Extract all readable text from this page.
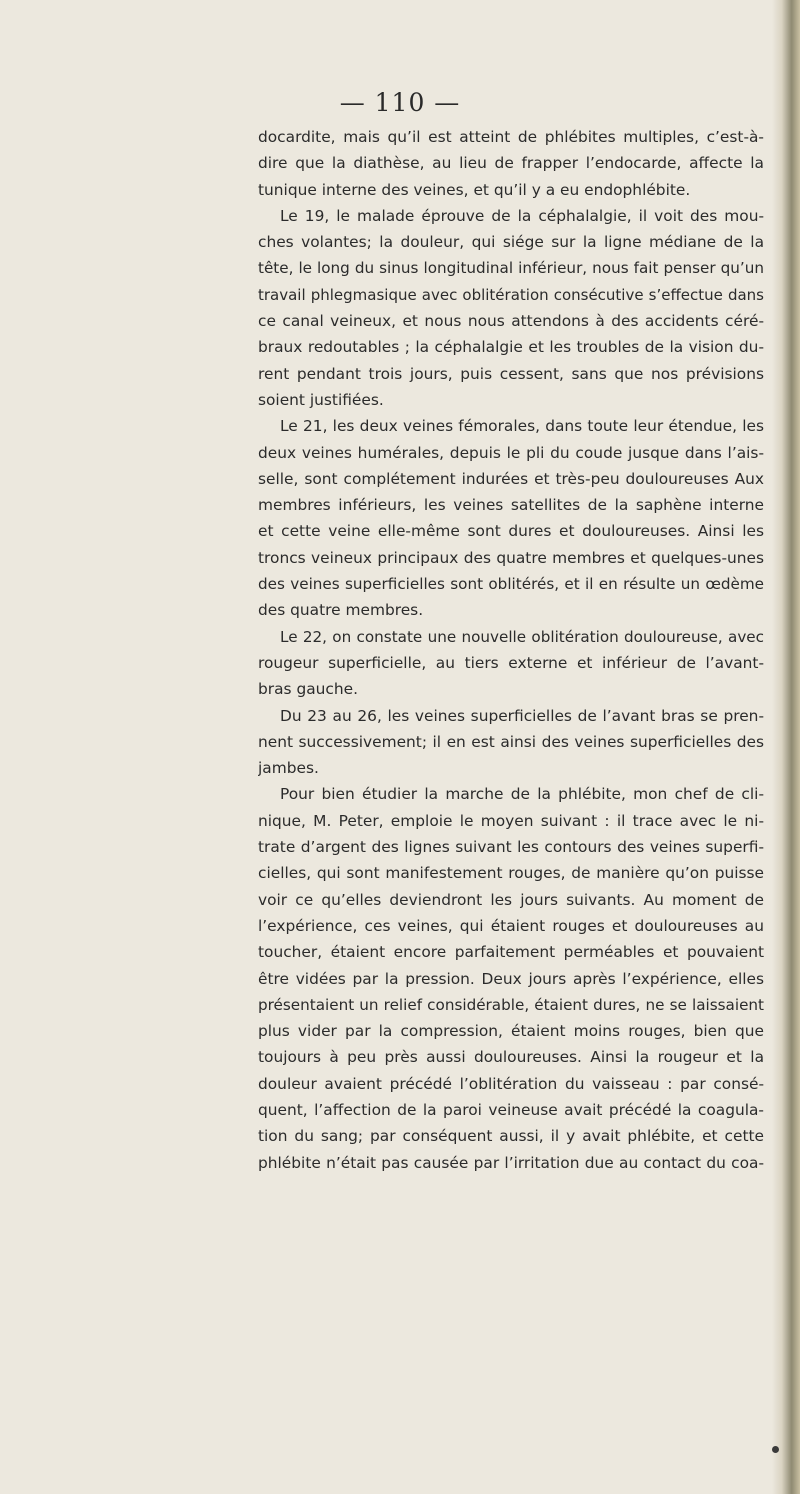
— 110 —
docardite, mais qu’il est atteint de phlébites multiples, c’est-à-
dire que la diathèse, au lieu de frapper l’endocarde, affecte la
tunique interne des veines, et qu’il y a eu endophlébite.
Le 19, le malade éprouve de la céphalalgie, il voit des mou-
ches volantes; la douleur, qui siége sur la ligne médiane de la
tête, le long du sinus longitudinal inférieur, nous fait penser qu’un
travail phlegmasique avec oblitération consécutive s’effectue dans
ce canal veineux, et nous nous attendons à des accidents céré-
braux redoutables ; la céphalalgie et les troubles de la vision du-
rent pendant trois jours, puis cessent, sans que nos prévisions
soient justifiées.
Le 21, les deux veines fémorales, dans toute leur étendue, les
deux veines humérales, depuis le pli du coude jusque dans l’ais-
selle, sont complétement indurées et très-peu douloureuses Aux
membres inférieurs, les veines satellites de la saphène interne
et cette veine elle-même sont dures et douloureuses. Ainsi les
troncs veineux principaux des quatre membres et quelques-unes
des veines superficielles sont oblitérés, et il en résulte un œdème
des quatre membres.
Le 22, on constate une nouvelle oblitération douloureuse, avec
rougeur superficielle, au tiers externe et inférieur de l’avant-
bras gauche.
Du 23 au 26, les veines superficielles de l’avant bras se pren-
nent successivement; il en est ainsi des veines superficielles des
jambes.
Pour bien étudier la marche de la phlébite, mon chef de cli-
nique, M. Peter, emploie le moyen suivant : il trace avec le ni-
trate d’argent des lignes suivant les contours des veines superfi-
cielles, qui sont manifestement rouges, de manière qu’on puisse
voir ce qu’elles deviendront les jours suivants. Au moment de
l’expérience, ces veines, qui étaient rouges et douloureuses au
toucher, étaient encore parfaitement perméables et pouvaient
être vidées par la pression. Deux jours après l’expérience, elles
présentaient un relief considérable, étaient dures, ne se laissaient
plus vider par la compression, étaient moins rouges, bien que
toujours à peu près aussi douloureuses. Ainsi la rougeur et la
douleur avaient précédé l’oblitération du vaisseau : par consé-
quent, l’affection de la paroi veineuse avait précédé la coagula-
tion du sang; par conséquent aussi, il y avait phlébite, et cette
phlébite n’était pas causée par l’irritation due au contact du coa-
